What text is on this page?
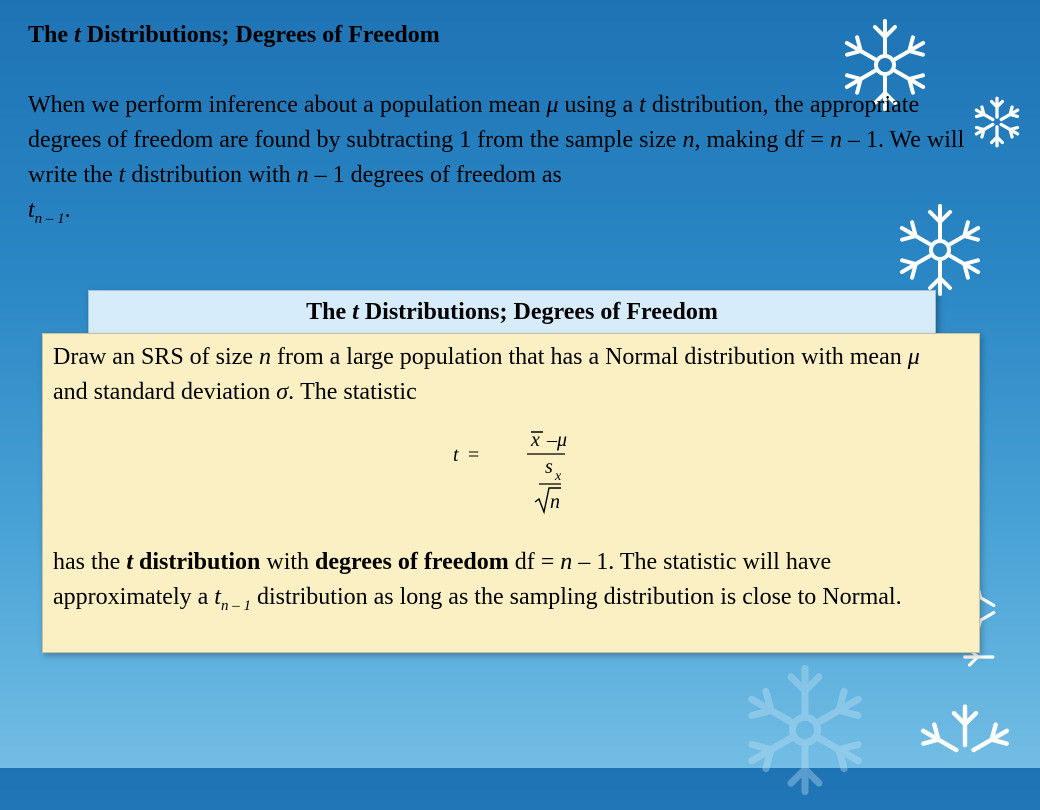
The t Distributions; Degrees of Freedom

When we perform inference about a population mean μ using a t distribution, the appropriate degrees of freedom are found by subtracting 1 from the sample size n, making df = n – 1. We will write the t distribution with n – 1 degrees of freedom as
$t_{n - 1}$.

The t Distributions; Degrees of Freedom

Draw an SRS of size n from a large population that has a Normal distribution with mean μ and standard deviation σ. The statistic

t =
x – μ
s x
n

has the t distribution with degrees of freedom df = n – 1. The statistic will have approximately a $t_{n - 1}$ distribution as long as the sampling distribution is close to Normal.
